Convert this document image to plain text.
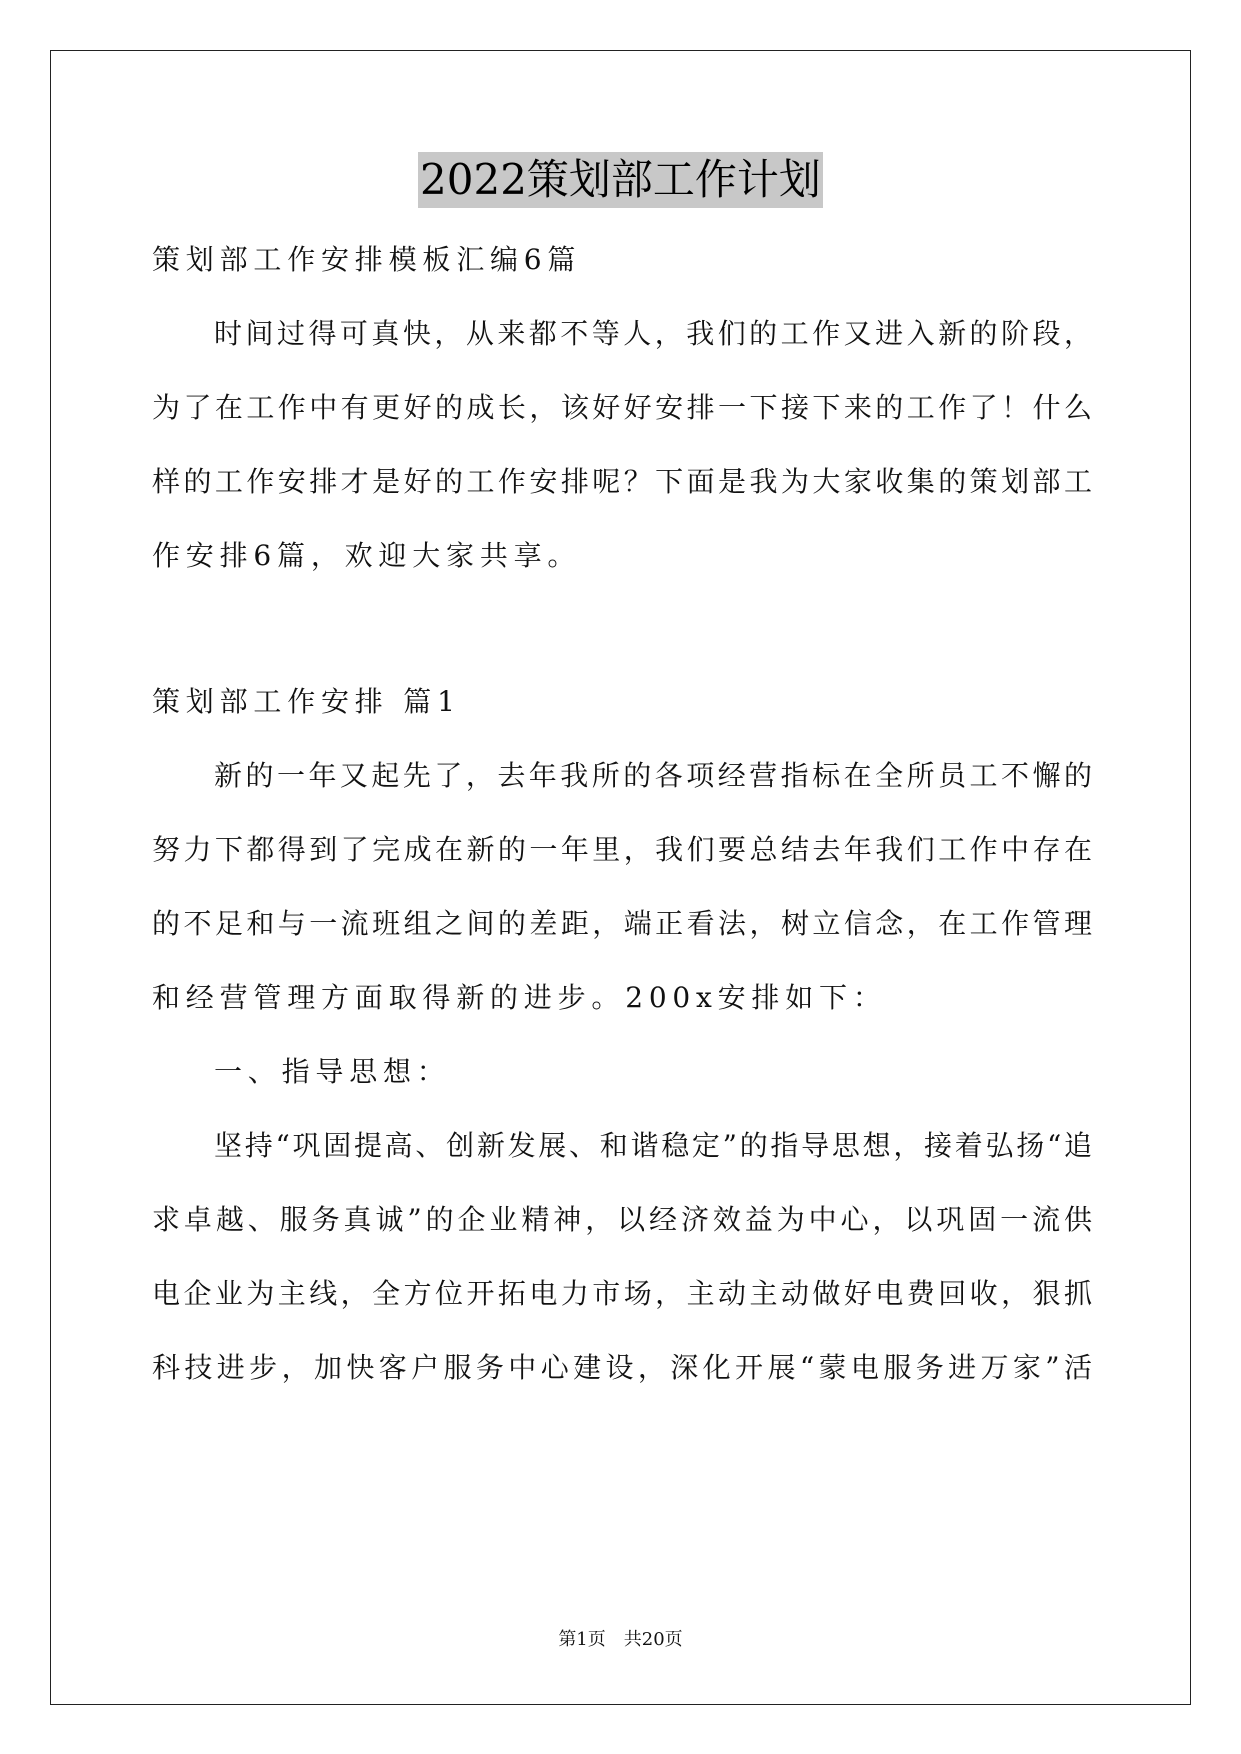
2022策划部工作计划
策划部工作安排模板汇编6篇
时间过得可真快，从来都不等人，我们的工作又进入新的阶段，
为了在工作中有更好的成长，该好好安排一下接下来的工作了！什么
样的工作安排才是好的工作安排呢？下面是我为大家收集的策划部工
作安排6篇，欢迎大家共享。
策划部工作安排 篇1
新的一年又起先了，去年我所的各项经营指标在全所员工不懈的
努力下都得到了完成在新的一年里，我们要总结去年我们工作中存在
的不足和与一流班组之间的差距，端正看法，树立信念，在工作管理
和经营管理方面取得新的进步。200x安排如下：
一、指导思想：
坚持“巩固提高、创新发展、和谐稳定”的指导思想，接着弘扬“追
求卓越、服务真诚”的企业精神，以经济效益为中心，以巩固一流供
电企业为主线，全方位开拓电力市场，主动主动做好电费回收，狠抓
科技进步，加快客户服务中心建设，深化开展“蒙电服务进万家”活
第1页　共20页
